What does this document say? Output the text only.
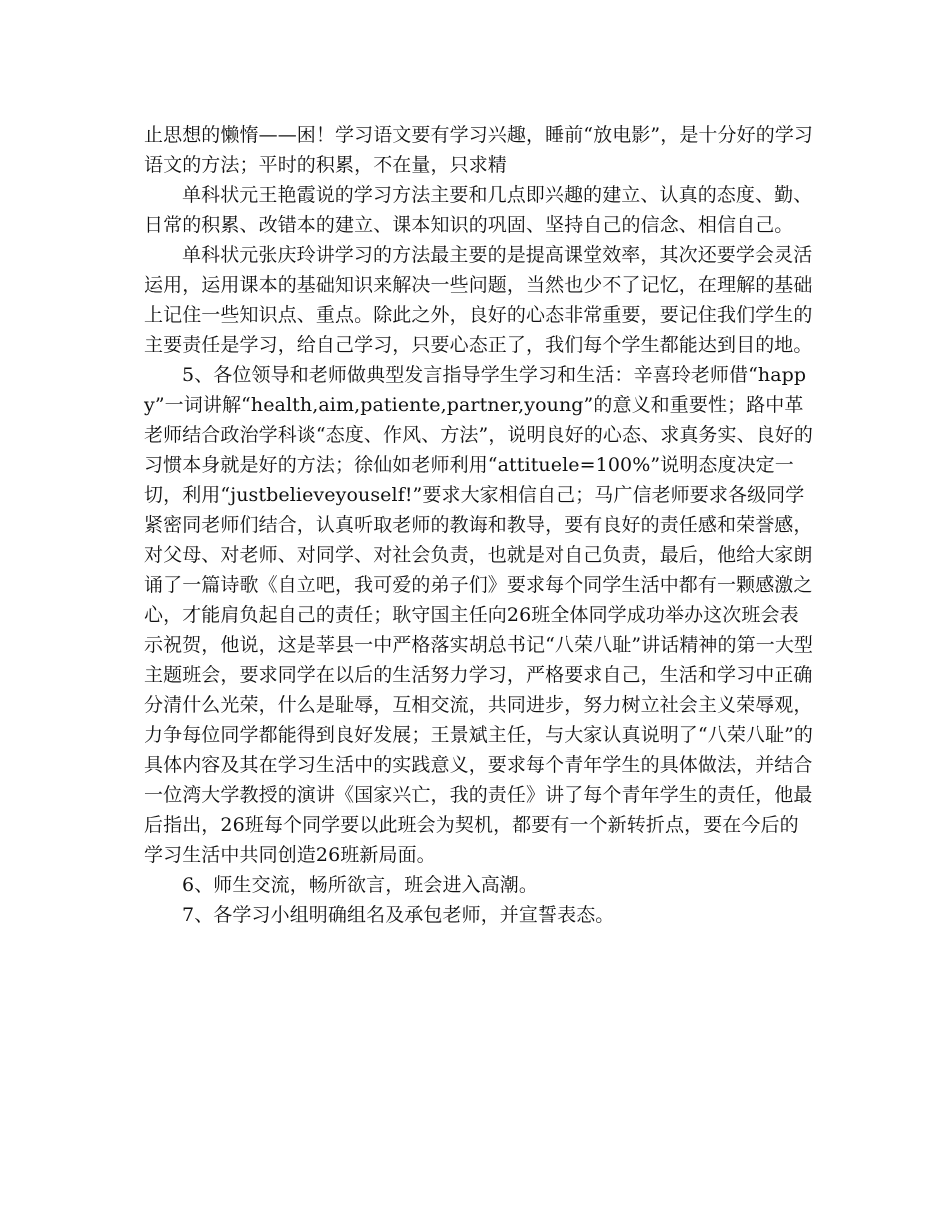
止思想的懒惰——困！学习语文要有学习兴趣，睡前“放电影”，是十分好的学习语文的方法；平时的积累，不在量，只求精

单科状元王艳霞说的学习方法主要和几点即兴趣的建立、认真的态度、勤、日常的积累、改错本的建立、课本知识的巩固、坚持自己的信念、相信自己。

单科状元张庆玲讲学习的方法最主要的是提高课堂效率，其次还要学会灵活运用，运用课本的基础知识来解决一些问题，当然也少不了记忆，在理解的基础上记住一些知识点、重点。除此之外，良好的心态非常重要，要记住我们学生的主要责任是学习，给自己学习，只要心态正了，我们每个学生都能达到目的地。

5、各位领导和老师做典型发言指导学生学习和生活：辛喜玲老师借“happy”一词讲解“health,aim,patiente,partner,young”的意义和重要性；路中革老师结合政治学科谈“态度、作风、方法”，说明良好的心态、求真务实、良好的习惯本身就是好的方法；徐仙如老师利用“attituele=100%”说明态度决定一切，利用“justbelieveyouself!”要求大家相信自己；马广信老师要求各级同学紧密同老师们结合，认真听取老师的教诲和教导，要有良好的责任感和荣誉感，对父母、对老师、对同学、对社会负责，也就是对自己负责，最后，他给大家朗诵了一篇诗歌《自立吧，我可爱的弟子们》要求每个同学生活中都有一颗感激之心，才能肩负起自己的责任；耿守国主任向26班全体同学成功举办这次班会表示祝贺，他说，这是莘县一中严格落实胡总书记“八荣八耻”讲话精神的第一大型主题班会，要求同学在以后的生活努力学习，严格要求自己，生活和学习中正确分清什么光荣，什么是耻辱，互相交流，共同进步，努力树立社会主义荣辱观，力争每位同学都能得到良好发展；王景斌主任，与大家认真说明了“八荣八耻”的具体内容及其在学习生活中的实践意义，要求每个青年学生的具体做法，并结合一位湾大学教授的演讲《国家兴亡，我的责任》讲了每个青年学生的责任，他最后指出，26班每个同学要以此班会为契机，都要有一个新转折点，要在今后的学习生活中共同创造26班新局面。

6、师生交流，畅所欲言，班会进入高潮。

7、各学习小组明确组名及承包老师，并宣誓表态。
